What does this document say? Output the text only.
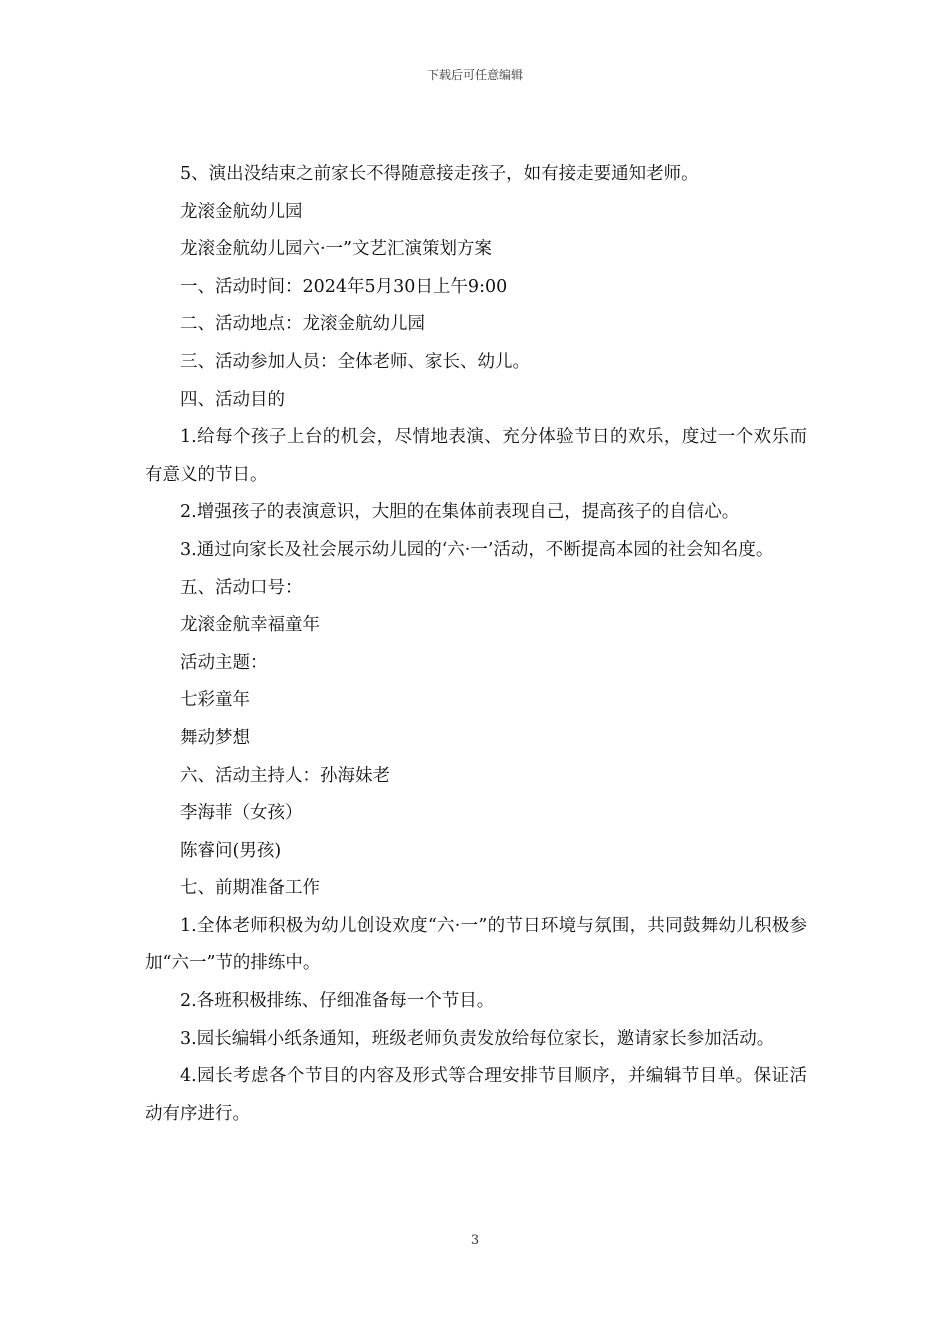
下载后可任意编辑

5、演出没结束之前家长不得随意接走孩子，如有接走要通知老师。

龙滚金航幼儿园

龙滚金航幼儿园六·一”文艺汇演策划方案

一、活动时间：2024年5月30日上午9:00

二、活动地点：龙滚金航幼儿园

三、活动参加人员：全体老师、家长、幼儿。

四、活动目的

1.给每个孩子上台的机会，尽情地表演、充分体验节日的欢乐，度过一个欢乐而有意义的节日。

2.增强孩子的表演意识，大胆的在集体前表现自己，提高孩子的自信心。

3.通过向家长及社会展示幼儿园的‘六·一’活动，不断提高本园的社会知名度。

五、活动口号：

龙滚金航幸福童年

活动主题：

七彩童年

舞动梦想

六、活动主持人：孙海妹老

李海菲（女孩）

陈睿问(男孩)

七、前期准备工作

1.全体老师积极为幼儿创设欢度“六·一”的节日环境与氛围，共同鼓舞幼儿积极参加“六一”节的排练中。

2.各班积极排练、仔细准备每一个节目。

3.园长编辑小纸条通知，班级老师负责发放给每位家长，邀请家长参加活动。

4.园长考虑各个节目的内容及形式等合理安排节目顺序，并编辑节目单。保证活动有序进行。

3
